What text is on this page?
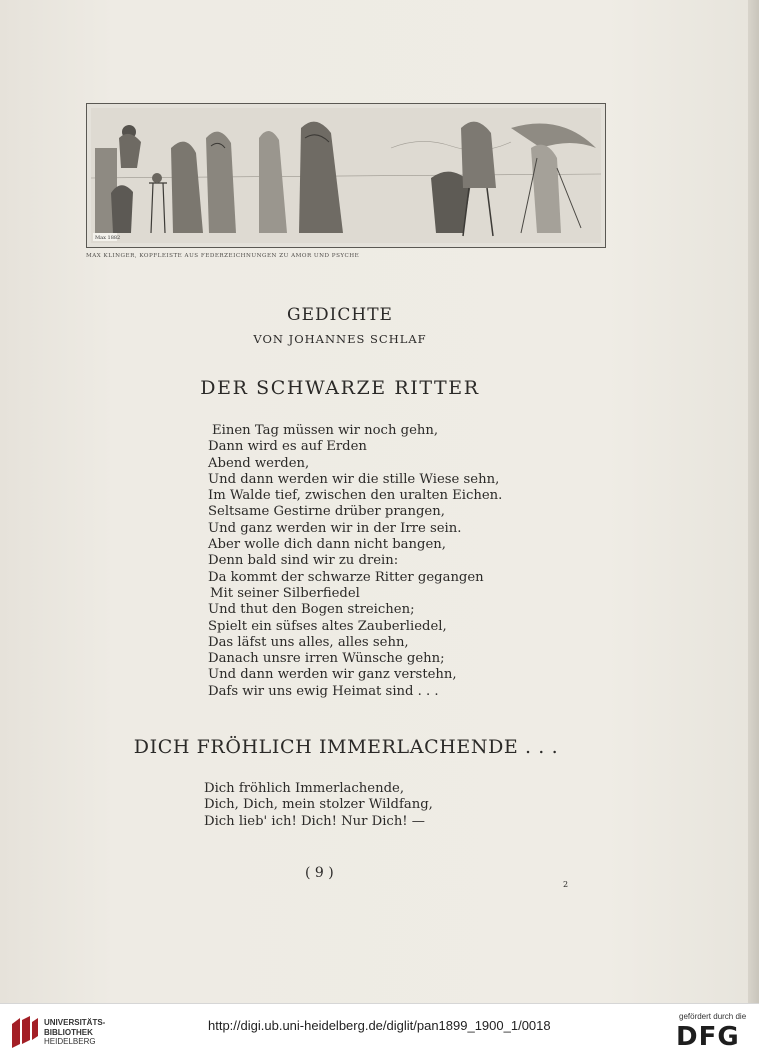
Max 1882
MAX KLINGER, KOPFLEISTE AUS FEDERZEICHNUNGEN ZU AMOR UND PSYCHE
GEDICHTE
VON JOHANNES SCHLAF
DER SCHWARZE RITTER
Einen Tag müssen wir noch gehn,
Dann wird es auf Erden
Abend werden,
Und dann werden wir die stille Wiese sehn,
Im Walde tief, zwischen den uralten Eichen.
Seltsame Gestirne drüber prangen,
Und ganz werden wir in der Irre sein.
Aber wolle dich dann nicht bangen,
Denn bald sind wir zu drein:
Da kommt der schwarze Ritter gegangen
Mit seiner Silberfiedel
Und thut den Bogen streichen;
Spielt ein süfses altes Zauberliedel,
Das läfst uns alles, alles sehn,
Danach unsre irren Wünsche gehn;
Und dann werden wir ganz verstehn,
Dafs wir uns ewig Heimat sind . . .
DICH FRÖHLICH IMMERLACHENDE . . .
Dich fröhlich Immerlachende,
Dich, Dich, mein stolzer Wildfang,
Dich lieb' ich! Dich! Nur Dich! —
( 9 )
2
UNIVERSITÄTS-
BIBLIOTHEK
HEIDELBERG
http://digi.ub.uni-heidelberg.de/diglit/pan1899_1900_1/0018
gefördert durch die
DFG
